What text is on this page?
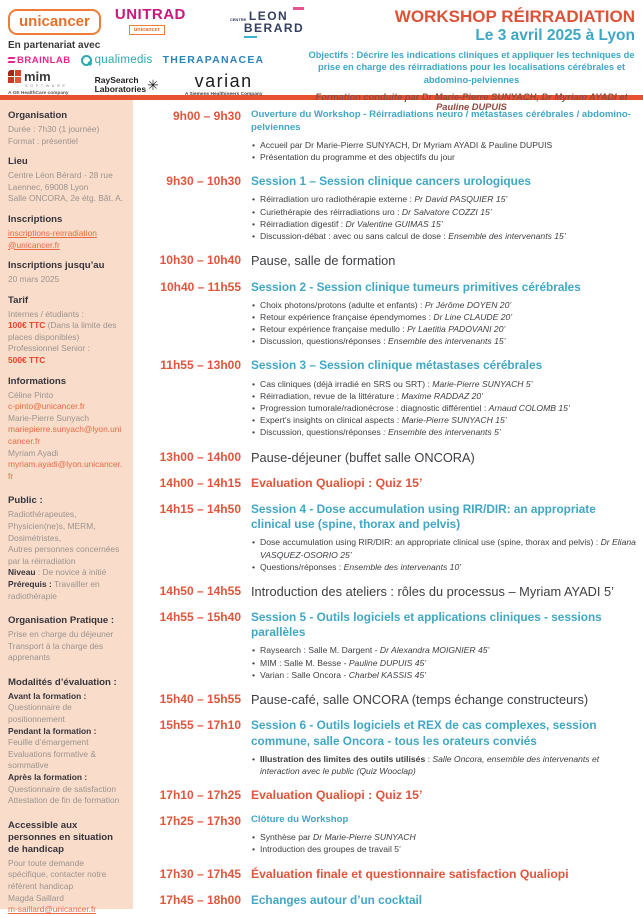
unicancer	UNITRAD
unicancer
CENTRE LEON
BERARD
En partenariat avec
BRAINLAB qualimedis THERAPANACEA
mim
SOFTWARE
A GE HealthCare company
RaySearch
Laboratories ✳ varian
A Siemens Healthineers Company
WORKSHOP RÉIRRADIATION
Le 3 avril 2025 à Lyon
Objectifs : Décrire les indications cliniques et appliquer les techniques de prise en charge des réirradiations pour les localisations cérébrales et abdomino-pelviennes
Formation conduite par Dr Marie-Pierre SUNYACH, Dr Myriam AYADI et Pauline DUPUIS
Organisation
Durée : 7h30 (1 journée)
Format : présentiel
Lieu
Centre Léon Bérard - 28 rue Laennec, 69008 Lyon
Salle ONCORA, 2e étg. Bât. A.
Inscriptions
inscriptions-reirradiation @unicancer.fr
Inscriptions jusqu’au
20 mars 2025
Tarif
Internes / étudiants :
100€ TTC (Dans la limite des places disponibles)
Professionnel Senior :
500€ TTC
Informations
Céline Pinto
c-pinto@unicancer.fr
Marie-Pierre Sunyach
mariepierre.sunyach@lyon.unicancer.fr
Myriam Ayadi
myriam.ayadi@lyon.unicancer.fr
Public :
Radiothérapeutes,
Physicien(ne)s, MERM,
Dosimétristes,
Autres personnes concernées par la réirradiation
Niveau : De novice à initié
Prérequis : Travailler en radiothérapie
Organisation Pratique :
Prise en charge du déjeuner
Transport à la charge des apprenants
Modalités d’évaluation :
Avant la formation :
Questionnaire de positionnement
Pendant la formation :
Feuille d’émargement
Evaluations formative & sommative
Après la formation :
Questionnaire de satisfaction
Attestation de fin de formation
Accessible aux personnes en situation de handicap
Pour toute demande spécifique, contacter notre référent handicap
Magda Saillard
m-saillard@unicancer.fr
9h00 – 9h30 Ouverture du Workshop - Réirradiations neuro / métastases cérébrales / abdomino-pelviennes
• Accueil par Dr Marie-Pierre SUNYACH, Dr Myriam AYADI & Pauline DUPUIS
• Présentation du programme et des objectifs du jour
9h30 – 10h30 Session 1 – Session clinique cancers urologiques
• Réirradiation uro radiothérapie externe : Pr David PASQUIER 15’
• Curiethérapie des réirradiations uro : Dr Salvatore COZZI 15’
• Réirradiation digestif : Dr Valentine GUIMAS 15’
• Discussion-débat : avec ou sans calcul de dose : Ensemble des intervenants 15’
10h30 – 10h40 Pause, salle de formation
10h40 – 11h55 Session 2 - Session clinique tumeurs primitives cérébrales
• Choix photons/protons (adulte et enfants) : Pr Jérôme DOYEN 20’
• Retour expérience française épendymomes : Dr Line CLAUDE 20’
• Retour expérience française medullo : Pr Laetitia PADOVANI 20’
• Discussion, questions/réponses : Ensemble des intervenants 15’
11h55 – 13h00 Session 3 – Session clinique métastases cérébrales
• Cas cliniques (déjà irradié en SRS ou SRT) : Marie-Pierre SUNYACH 5’
• Réirradiation, revue de la littérature : Maxime RADDAZ 20’
• Progression tumorale/radionécrose : diagnostic différentiel : Arnaud COLOMB 15’
• Expert's insights on clinical aspects : Marie-Pierre SUNYACH 15’
• Discussion, questions/réponses : Ensemble des intervenants 5’
13h00 – 14h00 Pause-déjeuner (buffet salle ONCORA)
14h00 – 14h15 Evaluation Qualiopi : Quiz 15’
14h15 – 14h50 Session 4 - Dose accumulation using RIR/DIR: an appropriate clinical use (spine, thorax and pelvis)
• Dose accumulation using RIR/DIR: an appropriate clinical use (spine, thorax and pelvis) : Dr Eliana VASQUEZ-OSORIO 25’
• Questions/réponses : Ensemble des intervenants 10’
14h50 – 14h55 Introduction des ateliers : rôles du processus – Myriam AYADI 5’
14h55 – 15h40 Session 5 - Outils logiciels et applications cliniques - sessions parallèles
• Raysearch : Salle M. Dargent - Dr Alexandra MOIGNIER 45’
• MIM : Salle M. Besse - Pauline DUPUIS 45’
• Varian : Salle Oncora - Charbel KASSIS 45’
15h40 – 15h55 Pause-café, salle ONCORA (temps échange constructeurs)
15h55 – 17h10 Session 6 - Outils logiciels et REX de cas complexes, session commune, salle Oncora - tous les orateurs conviés
• Illustration des limites des outils utilisés : Salle Oncora, ensemble des intervenants et interaction avec le public (Quiz Wooclap)
17h10 – 17h25 Evaluation Qualiopi : Quiz 15’
17h25 – 17h30 Clôture du Workshop
• Synthèse par Dr Marie-Pierre SUNYACH
• Introduction des groupes de travail 5’
17h30 – 17h45 Évaluation finale et questionnaire satisfaction Qualiopi
17h45 – 18h00 Echanges autour d’un cocktail
